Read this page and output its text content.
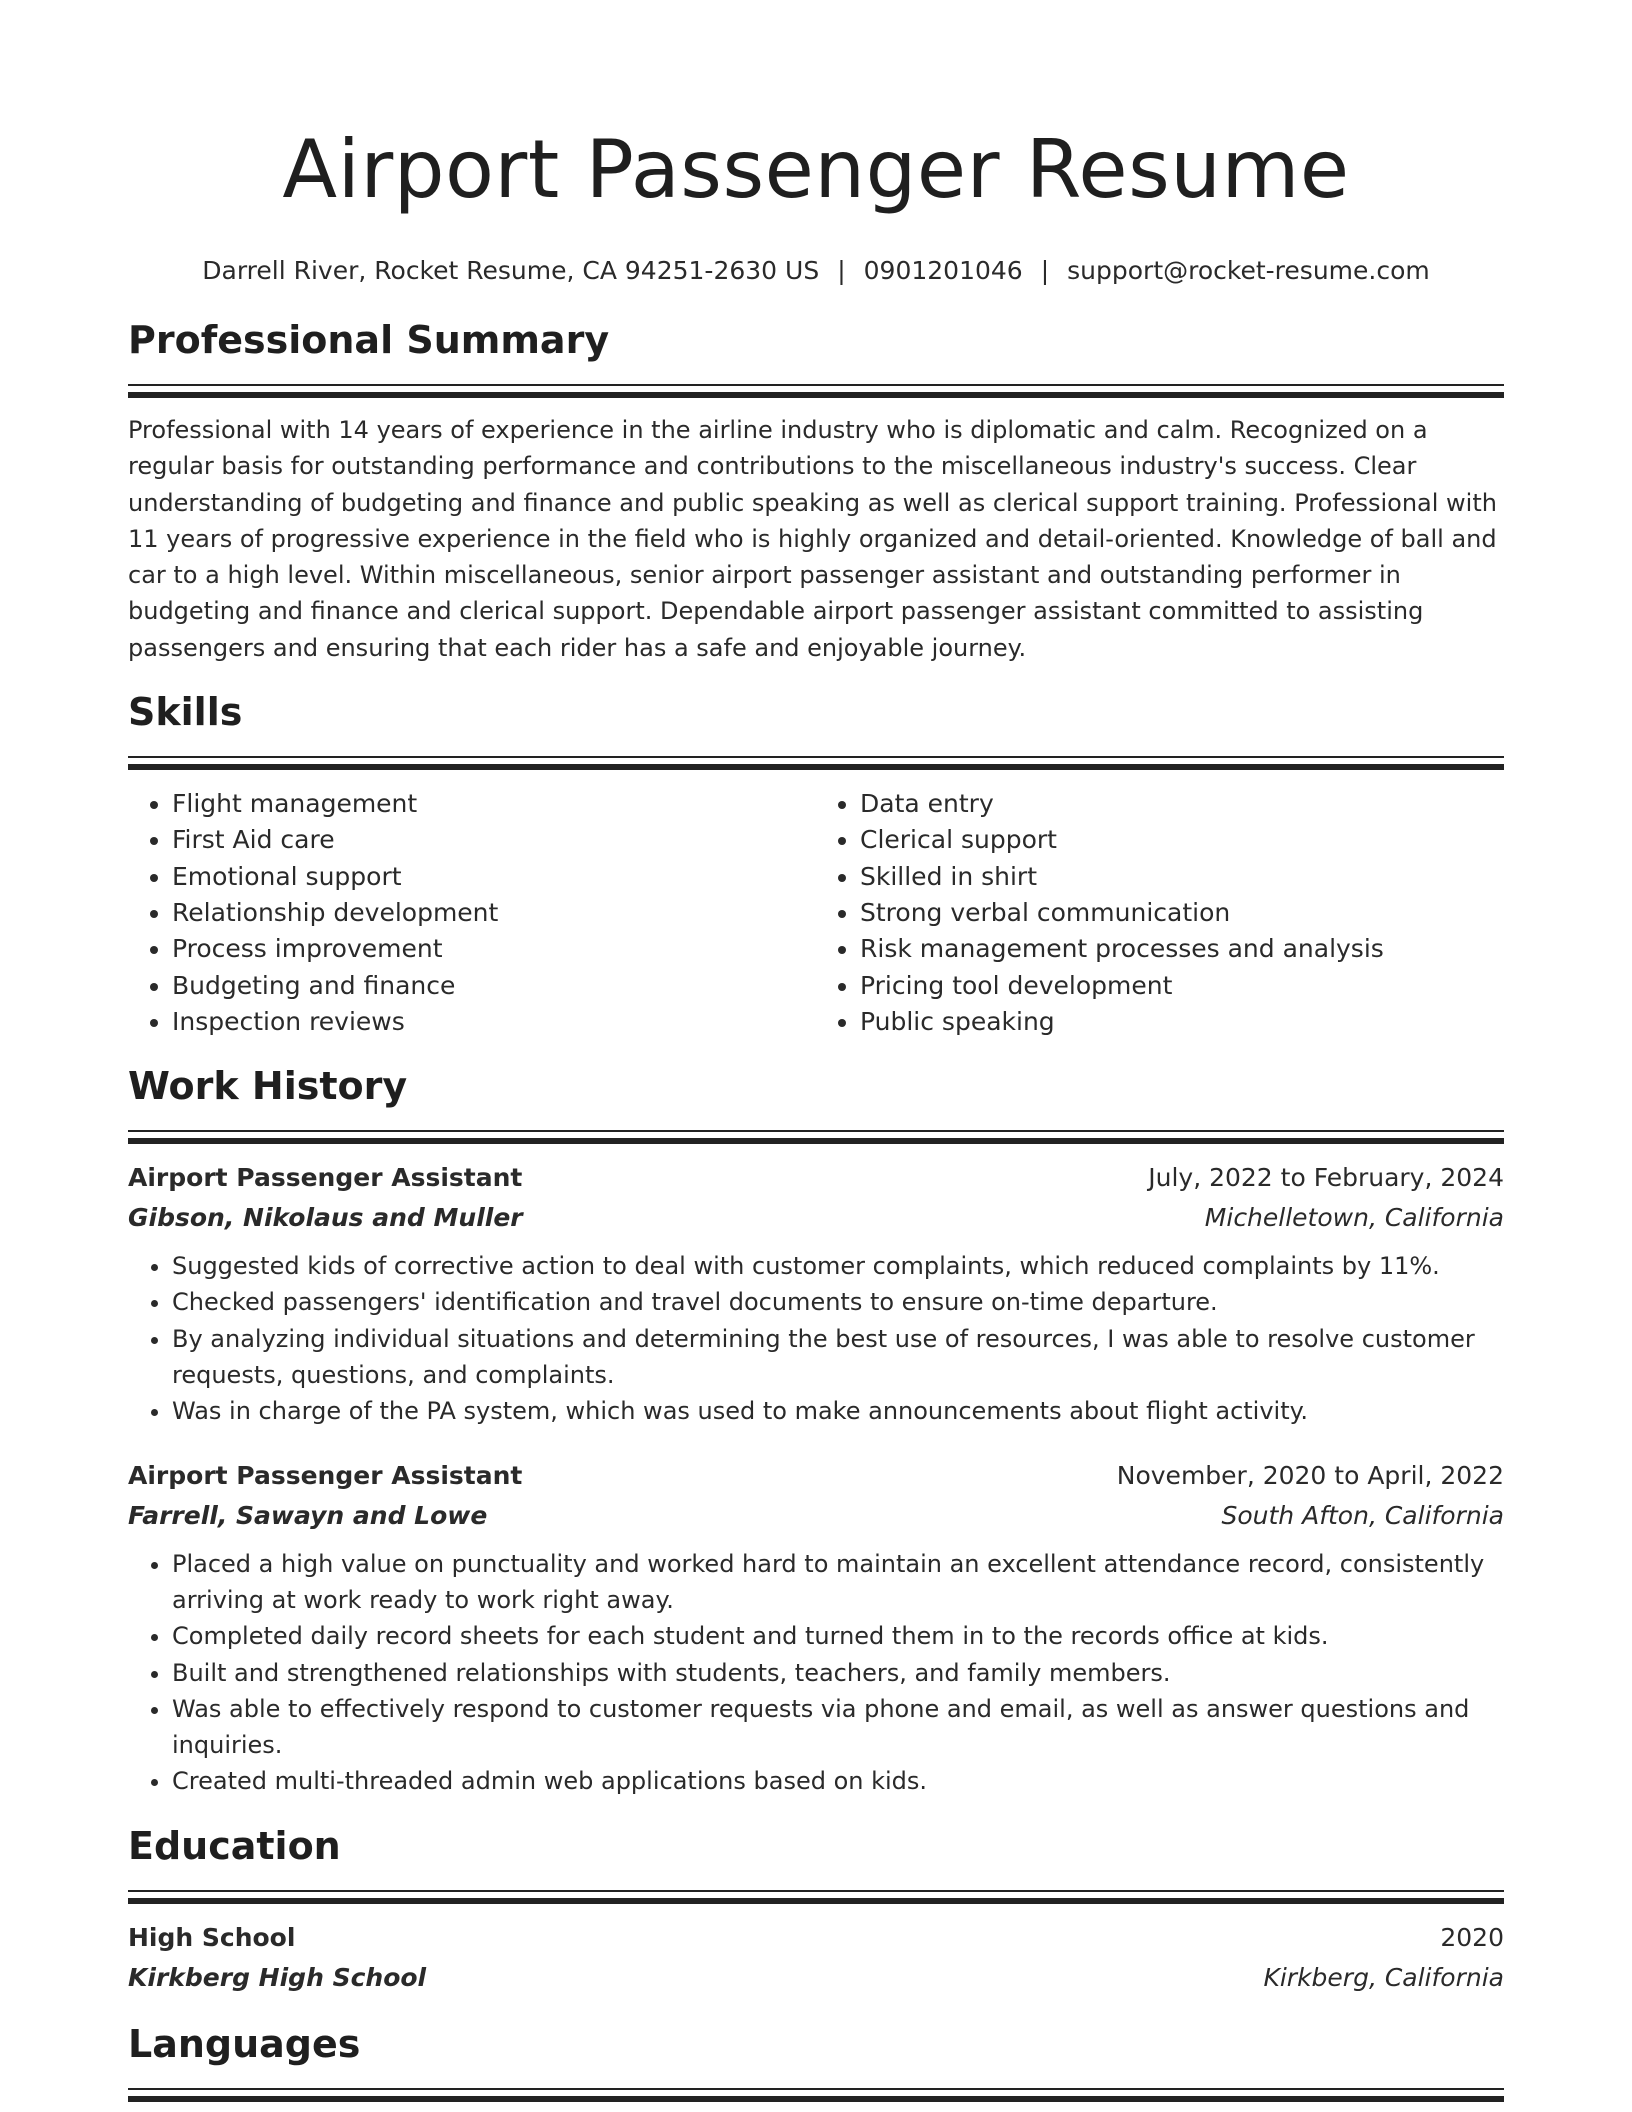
Airport Passenger Resume
Darrell River, Rocket Resume, CA 94251-2630 US | 0901201046 | support@rocket-resume.com
Professional Summary
Professional with 14 years of experience in the airline industry who is diplomatic and calm. Recognized on a regular basis for outstanding performance and contributions to the miscellaneous industry's success. Clear understanding of budgeting and finance and public speaking as well as clerical support training. Professional with 11 years of progressive experience in the field who is highly organized and detail-oriented. Knowledge of ball and car to a high level. Within miscellaneous, senior airport passenger assistant and outstanding performer in budgeting and finance and clerical support. Dependable airport passenger assistant committed to assisting passengers and ensuring that each rider has a safe and enjoyable journey.
Skills
• Flight management
• First Aid care
• Emotional support
• Relationship development
• Process improvement
• Budgeting and finance
• Inspection reviews
• Data entry
• Clerical support
• Skilled in shirt
• Strong verbal communication
• Risk management processes and analysis
• Pricing tool development
• Public speaking
Work History
Airport Passenger Assistant	July, 2022 to February, 2024
Gibson, Nikolaus and Muller	Michelletown, California
• Suggested kids of corrective action to deal with customer complaints, which reduced complaints by 11%.
• Checked passengers' identification and travel documents to ensure on-time departure.
• By analyzing individual situations and determining the best use of resources, I was able to resolve customer requests, questions, and complaints.
• Was in charge of the PA system, which was used to make announcements about flight activity.
Airport Passenger Assistant	November, 2020 to April, 2022
Farrell, Sawayn and Lowe	South Afton, California
• Placed a high value on punctuality and worked hard to maintain an excellent attendance record, consistently arriving at work ready to work right away.
• Completed daily record sheets for each student and turned them in to the records office at kids.
• Built and strengthened relationships with students, teachers, and family members.
• Was able to effectively respond to customer requests via phone and email, as well as answer questions and inquiries.
• Created multi-threaded admin web applications based on kids.
Education
High School	2020
Kirkberg High School	Kirkberg, California
Languages
